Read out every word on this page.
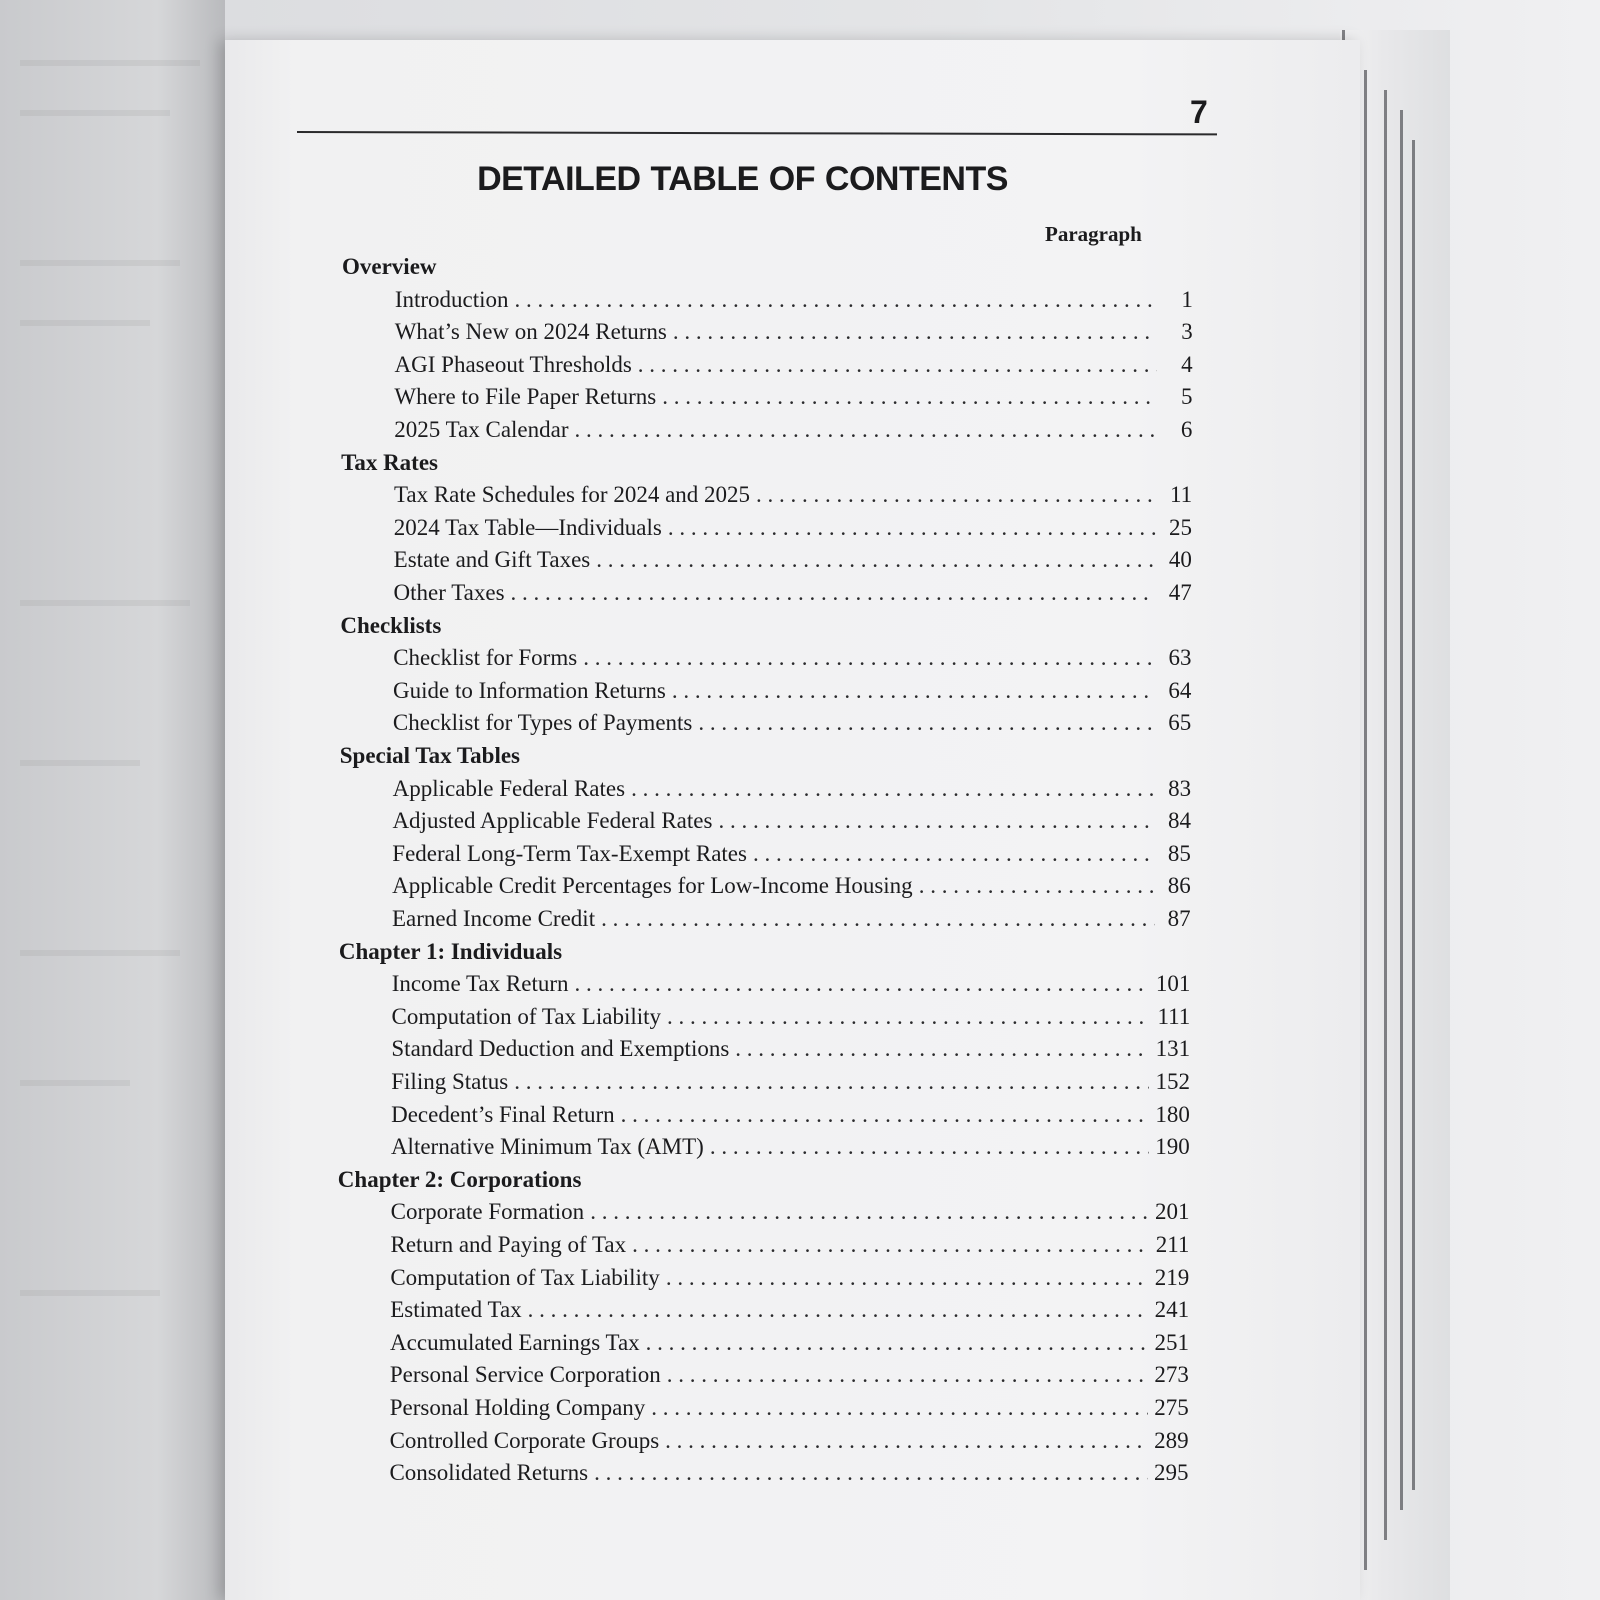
7
DETAILED TABLE OF CONTENTS
Paragraph
Overview
Introduction . . .	1
What’s New on 2024 Returns . . .	3
AGI Phaseout Thresholds . . .	4
Where to File Paper Returns . . .	5
2025 Tax Calendar . . .	6
Tax Rates
Tax Rate Schedules for 2024 and 2025 . . .	11
2024 Tax Table—Individuals . . .	25
Estate and Gift Taxes . . .	40
Other Taxes . . .	47
Checklists
Checklist for Forms . . .	63
Guide to Information Returns . . .	64
Checklist for Types of Payments . . .	65
Special Tax Tables
Applicable Federal Rates . . .	83
Adjusted Applicable Federal Rates . . .	84
Federal Long-Term Tax-Exempt Rates . . .	85
Applicable Credit Percentages for Low-Income Housing . . .	86
Earned Income Credit . . .	87
Chapter 1: Individuals
Income Tax Return . . .	101
Computation of Tax Liability . . .	111
Standard Deduction and Exemptions . . .	131
Filing Status . . .	152
Decedent’s Final Return . . .	180
Alternative Minimum Tax (AMT) . . .	190
Chapter 2: Corporations
Corporate Formation . . .	201
Return and Paying of Tax . . .	211
Computation of Tax Liability . . .	219
Estimated Tax . . .	241
Accumulated Earnings Tax . . .	251
Personal Service Corporation . . .	273
Personal Holding Company . . .	275
Controlled Corporate Groups . . .	289
Consolidated Returns . . .	295
